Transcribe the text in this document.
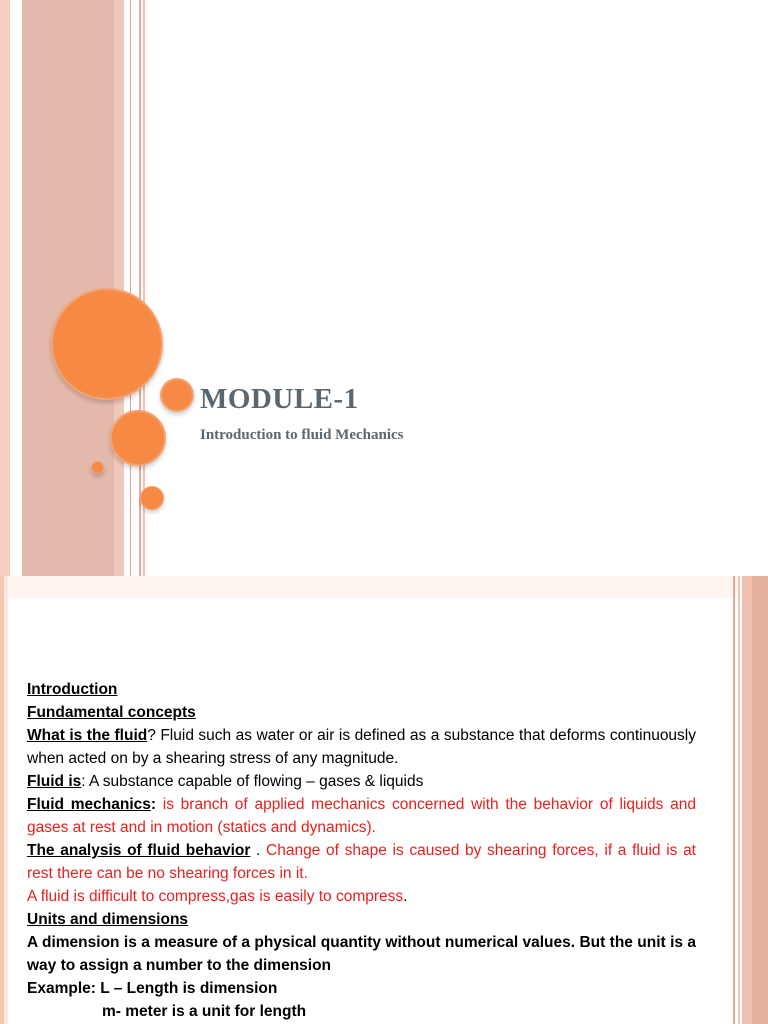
MODULE-1
Introduction to fluid Mechanics

Introduction

Fundamental concepts

What is the fluid? Fluid such as water or air is defined as a substance that deforms continuously when acted on by a shearing stress of any magnitude.

Fluid is: A substance capable of flowing – gases & liquids

Fluid mechanics: is branch of applied mechanics concerned with the behavior of liquids and gases at rest and in motion (statics and dynamics).

The analysis of fluid behavior . Change of shape is caused by shearing forces, if a fluid is at rest there can be no shearing forces in it.

A fluid is difficult to compress,gas is easily to compress.

Units and dimensions

A dimension is a measure of a physical quantity without numerical values. But the unit is a way to assign a number to the dimension

Example: L – Length is dimension

m- meter is a unit for length
